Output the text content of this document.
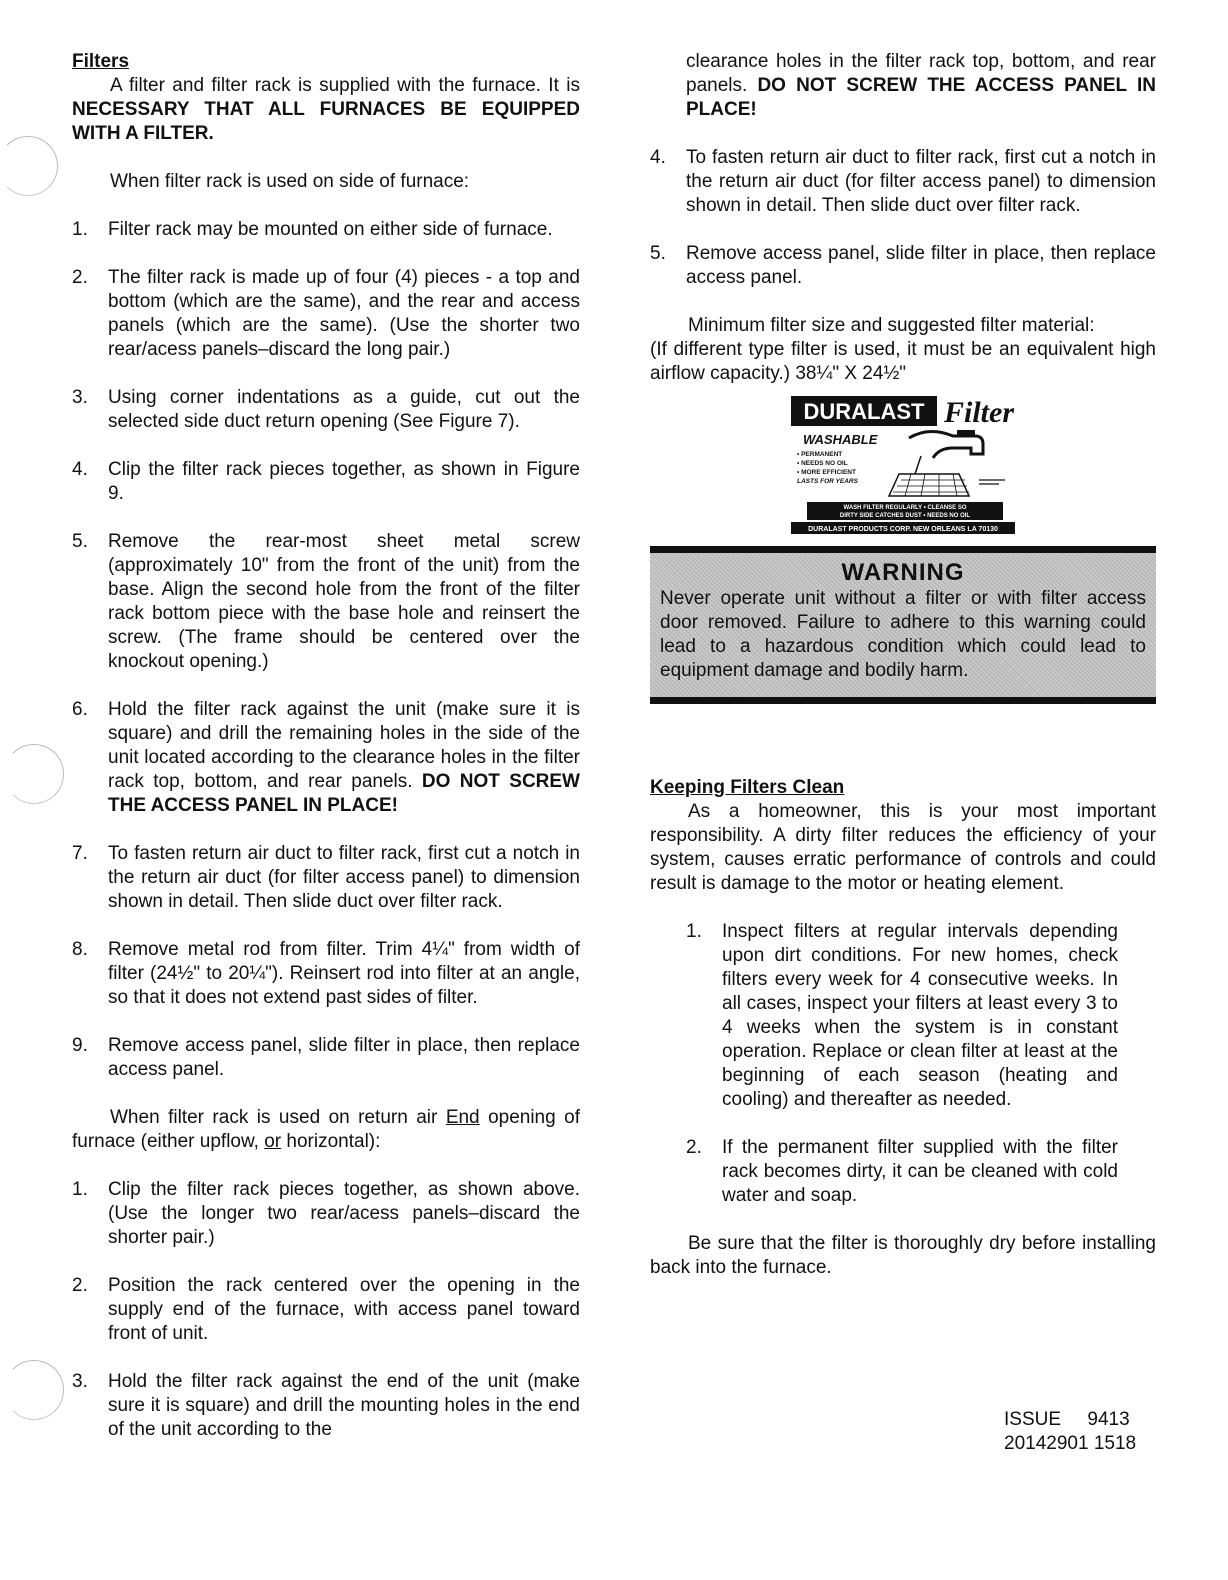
Filters

A filter and filter rack is supplied with the furnace. It is NECESSARY THAT ALL FURNACES BE EQUIPPED WITH A FILTER.

When filter rack is used on side of furnace:

1. Filter rack may be mounted on either side of furnace.
2. The filter rack is made up of four (4) pieces - a top and bottom (which are the same), and the rear and access panels (which are the same). (Use the shorter two rear/acess panels–discard the long pair.)
3. Using corner indentations as a guide, cut out the selected side duct return opening (See Figure 7).
4. Clip the filter rack pieces together, as shown in Figure 9.
5. Remove the rear-most sheet metal screw (approximately 10" from the front of the unit) from the base. Align the second hole from the front of the filter rack bottom piece with the base hole and reinsert the screw. (The frame should be centered over the knockout opening.)
6. Hold the filter rack against the unit (make sure it is square) and drill the remaining holes in the side of the unit located according to the clearance holes in the filter rack top, bottom, and rear panels. DO NOT SCREW THE ACCESS PANEL IN PLACE!
7. To fasten return air duct to filter rack, first cut a notch in the return air duct (for filter access panel) to dimension shown in detail. Then slide duct over filter rack.
8. Remove metal rod from filter. Trim 4¼" from width of filter (24½" to 20¼"). Reinsert rod into filter at an angle, so that it does not extend past sides of filter.
9. Remove access panel, slide filter in place, then replace access panel.

When filter rack is used on return air End opening of furnace (either upflow, or horizontal):

1. Clip the filter rack pieces together, as shown above. (Use the longer two rear/acess panels–discard the shorter pair.)
2. Position the rack centered over the opening in the supply end of the furnace, with access panel toward front of unit.
3. Hold the filter rack against the end of the unit (make sure it is square) and drill the mounting holes in the end of the unit according to the

clearance holes in the filter rack top, bottom, and rear panels. DO NOT SCREW THE ACCESS PANEL IN PLACE!

4. To fasten return air duct to filter rack, first cut a notch in the return air duct (for filter access panel) to dimension shown in detail. Then slide duct over filter rack.
5. Remove access panel, slide filter in place, then replace access panel.

Minimum filter size and suggested filter material:

(If different type filter is used, it must be an equivalent high airflow capacity.) 38¼" X 24½"

DURALAST Filter
WASHABLE
• PERMANENT
• NEEDS NO OIL
• MORE EFFICIENT
LASTS FOR YEARS
WASH FILTER REGULARLY • CLEANSE SO
DIRTY SIDE CATCHES DUST • NEEDS NO OIL
DURALAST PRODUCTS CORP. NEW ORLEANS LA 70130
WARNING
Never operate unit without a filter or with filter access door removed. Failure to adhere to this warning could lead to a hazardous condition which could lead to equipment damage and bodily harm.

Keeping Filters Clean

As a homeowner, this is your most important responsibility. A dirty filter reduces the efficiency of your system, causes erratic performance of controls and could result is damage to the motor or heating element.

1. Inspect filters at regular intervals depending upon dirt conditions. For new homes, check filters every week for 4 consecutive weeks. In all cases, inspect your filters at least every 3 to 4 weeks when the system is in constant operation. Replace or clean filter at least at the beginning of each season (heating and cooling) and thereafter as needed.
2. If the permanent filter supplied with the filter rack becomes dirty, it can be cleaned with cold water and soap.

Be sure that the filter is thoroughly dry before installing back into the furnace.

ISSUE     9413
20142901 1518
